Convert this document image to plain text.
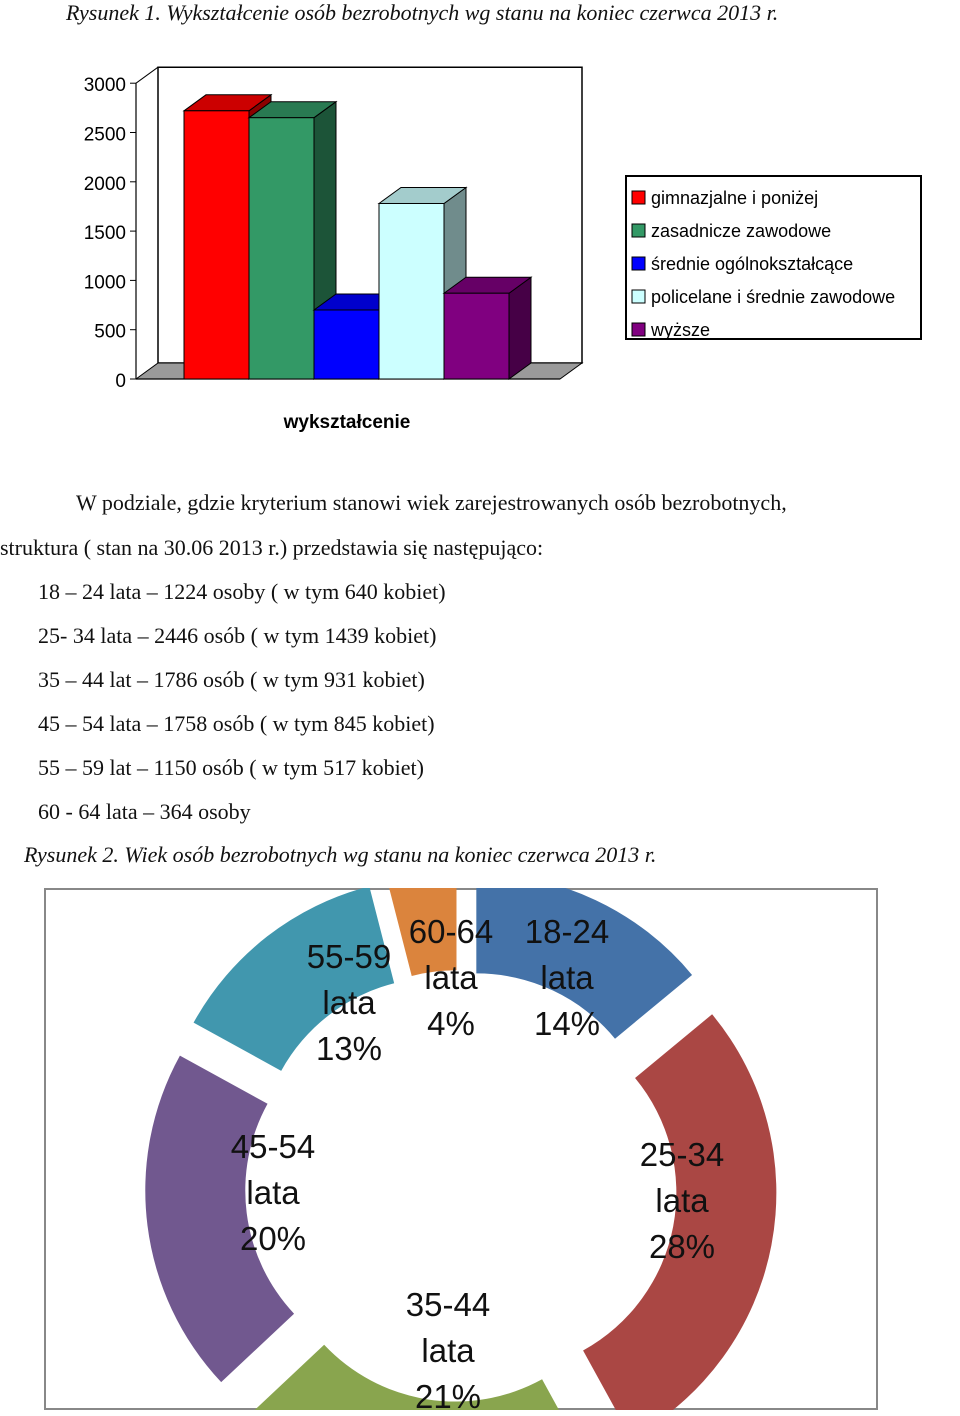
Rysunek 1. Wykształcenie osób bezrobotnych wg stanu na koniec czerwca 2013 r.
0
500
1000
1500
2000
2500
3000
wykształcenie
gimnazjalne i poniżej
zasadnicze zawodowe
średnie ogólnokształcące
policelane i średnie zawodowe
wyższe
W podziale, gdzie kryterium stanowi wiek zarejestrowanych osób bezrobotnych,
struktura ( stan na 30.06 2013 r.) przedstawia się następująco:
18 – 24 lata – 1224 osoby ( w tym 640 kobiet)
25- 34 lata – 2446 osób ( w tym 1439 kobiet)
35 – 44 lat – 1786 osób ( w tym 931 kobiet)
45 – 54 lata – 1758 osób ( w tym 845 kobiet)
55 – 59 lat – 1150 osób ( w tym 517 kobiet)
60 - 64 lata – 364 osoby
Rysunek 2. Wiek osób bezrobotnych wg stanu na koniec czerwca 2013 r.
18-24 lata 14%
25-34 lata 28%
35-44 lata 21%
45-54 lata 20%
55-59 lata 13%
60-64 lata 4%
